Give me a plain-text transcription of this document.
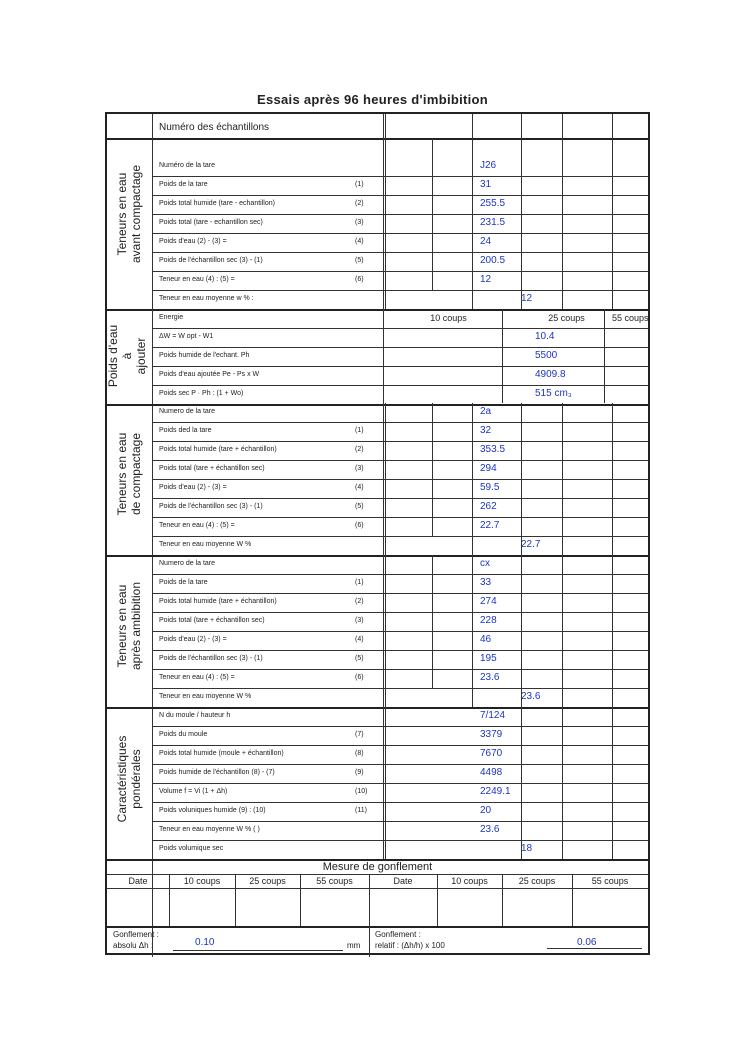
Essais après 96 heures d'imbibition
Numéro des échantillons
Teneurs en eau avant compactage Numéro de la tare	J26
Poids de la tare	(1)	31
Poids total humide (tare - echantillon)	(2)	255.5
Poids total (tare - echantillon sec)	(3)	231.5
Poids d'eau (2) - (3) =	(4)	24
Poids de l'échantillon sec (3) - (1)	(5)	200.5
Teneur en eau (4) : (5) =	(6)	12
Teneur en eau moyenne w % :	12
Poids d'eau à ajouter
Energie	10 coups	25 coups	55 coups
ΔW = W opt - W1	10.4
Poids humide de l'echant. Ph	5500
Poids d'eau ajoutée Pe - Ps x W	4909.8
Poids sec P · Ph : (1 + Wo)	515 cm₃
Teneurs en eau de compactage
Numero de la tare	2a
Poids ded la tare	(1)	32
Poids total humide (tare + échantillon)	(2)	353.5
Poids total (tare + échantillon sec)	(3)	294
Poids d'eau (2) - (3) =	(4)	59.5
Poids de l'échantillon sec (3) - (1)	(5)	262
Teneur en eau (4) : (5) =	(6)	22.7
Teneur en eau moyenne W %	22.7
Teneurs en eau après ambibition
Numero de la tare	cx
Poids de la tare	(1)	33
Poids total humide (tare + échantillon)	(2)	274
Poids total (tare + échantillon sec)	(3)	228
Poids d'eau (2) - (3) =	(4)	46
Poids de l'échantillon sec (3) - (1)	(5)	195
Teneur en eau (4) : (5) =	(6)	23.6
Teneur en eau moyenne W %	23.6
Caractéristiques pondérales
N du moule / hauteur h	7/124
Poids du moule	(7)	3379
Poids total humide (moule + échantillon)	(8)	7670
Poids humide de l'échantillon (8) - (7)	(9)	4498
Volume f = Vi (1 + Δh)	(10)	2249.1
Poids voluniques humide (9) : (10)	(11)	20
Teneur en eau moyenne W % ( )	23.6
Poids volumique sec	18
Mesure de gonflement
Date	10 coups	25 coups	55 coups	Date	10 coups	25 coups	55 coups
Gonflement :
absolu Δh :	0.10	mm
Gonflement :
relatif : (Δh/h) x 100	0.06
